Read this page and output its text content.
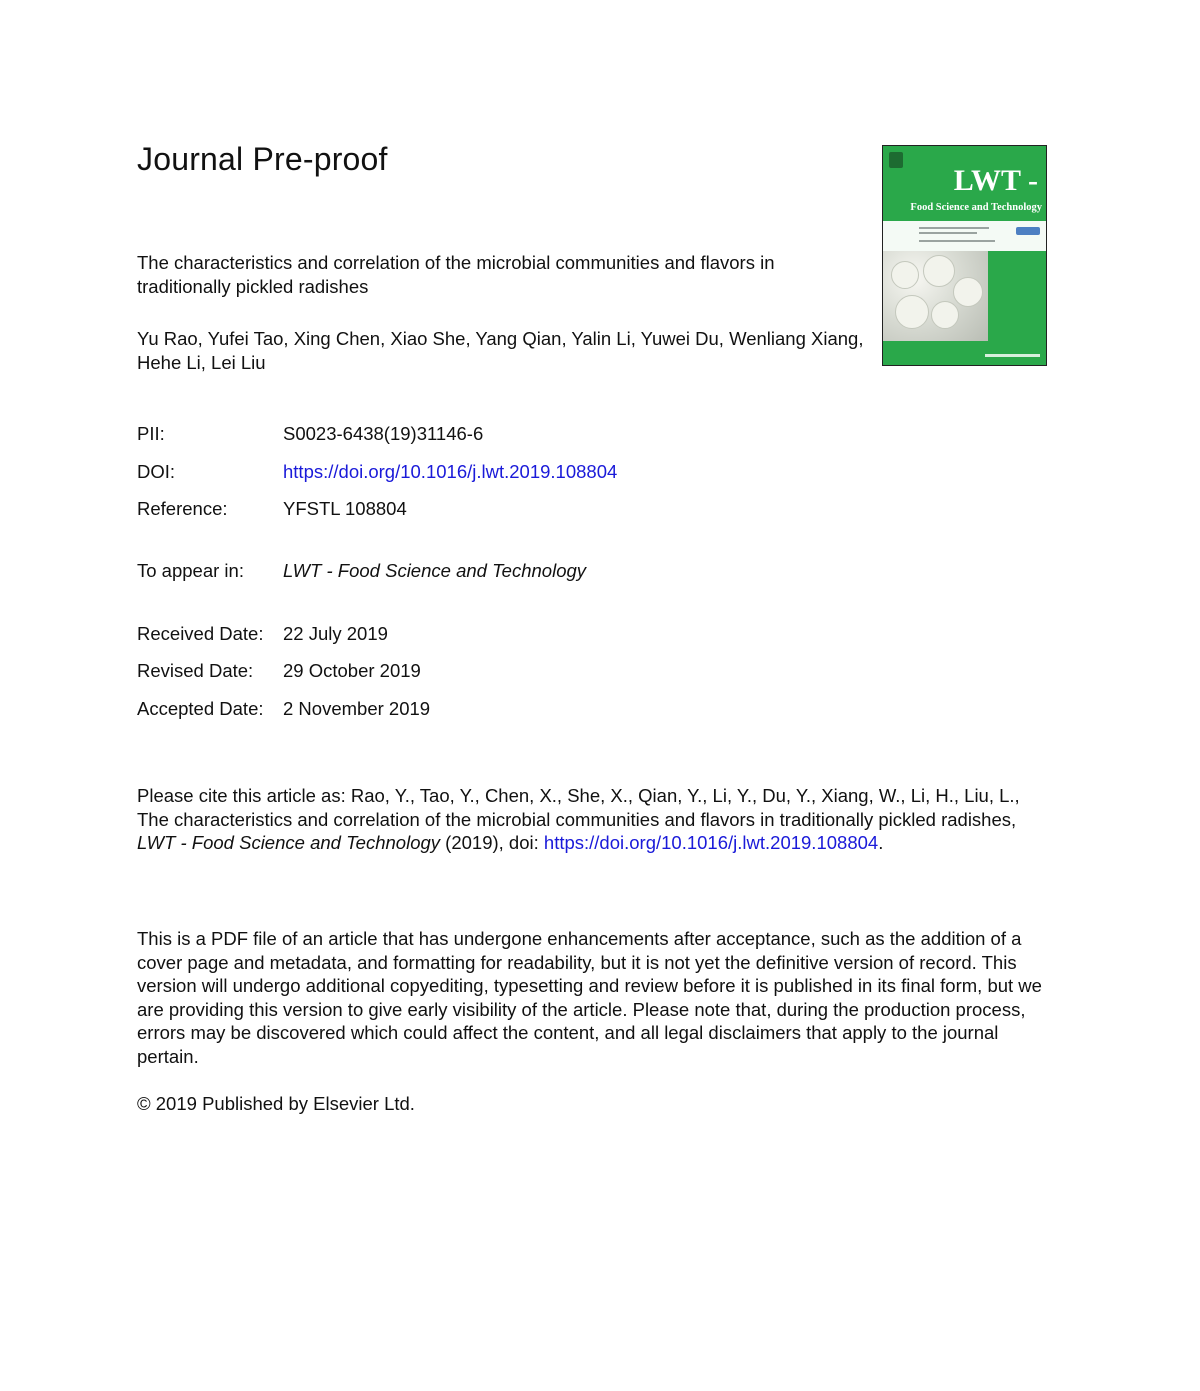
Journal Pre-proof

LWT -

Food Science and Technology

The characteristics and correlation of the microbial communities and flavors in traditionally pickled radishes

Yu Rao, Yufei Tao, Xing Chen, Xiao She, Yang Qian, Yalin Li, Yuwei Du, Wenliang Xiang, Hehe Li, Lei Liu

PII:	S0023-6438(19)31146-6
DOI:	https://doi.org/10.1016/j.lwt.2019.108804
Reference:	YFSTL 108804
To appear in: LWT - Food Science and Technology
Received Date: 22 July 2019
Revised Date: 29 October 2019
Accepted Date: 2 November 2019

Please cite this article as: Rao, Y., Tao, Y., Chen, X., She, X., Qian, Y., Li, Y., Du, Y., Xiang, W., Li, H., Liu, L., The characteristics and correlation of the microbial communities and flavors in traditionally pickled radishes, LWT - Food Science and Technology (2019), doi: https://doi.org/10.1016/j.lwt.2019.108804.

This is a PDF file of an article that has undergone enhancements after acceptance, such as the addition of a cover page and metadata, and formatting for readability, but it is not yet the definitive version of record. This version will undergo additional copyediting, typesetting and review before it is published in its final form, but we are providing this version to give early visibility of the article. Please note that, during the production process, errors may be discovered which could affect the content, and all legal disclaimers that apply to the journal pertain.

© 2019 Published by Elsevier Ltd.
